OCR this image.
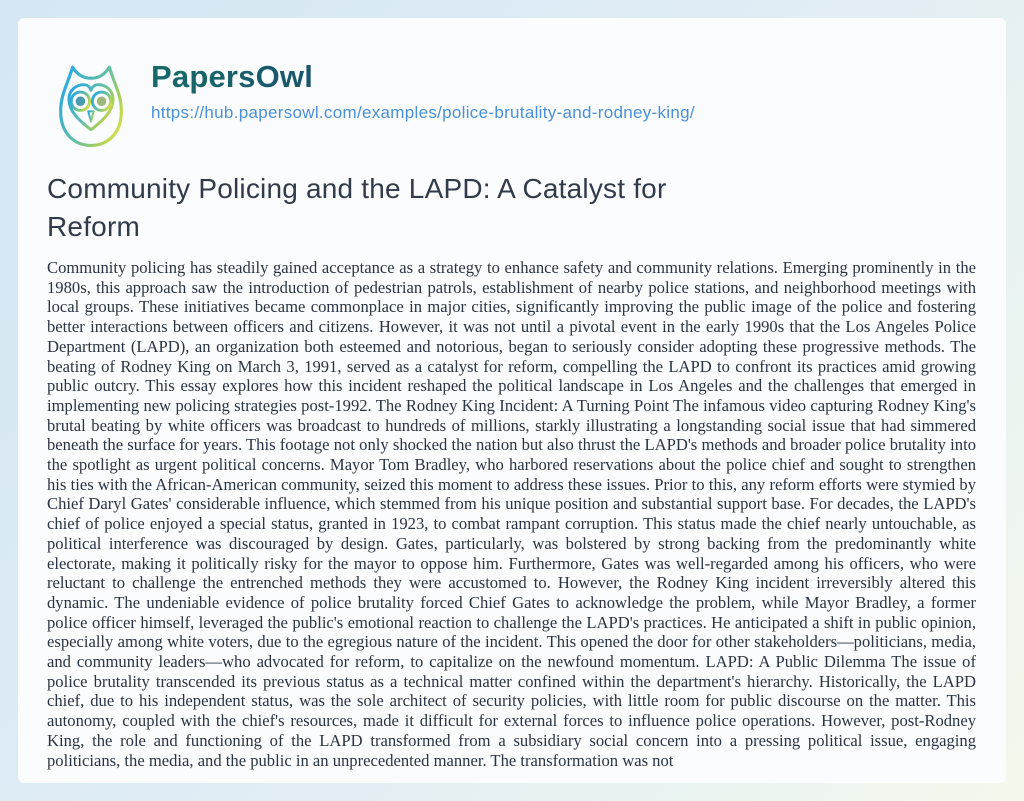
PapersOwl
https://hub.papersowl.com/examples/police-brutality-and-rodney-king/
Community Policing and the LAPD: A Catalyst for Reform

Community policing has steadily gained acceptance as a strategy to enhance safety and community relations. Emerging prominently in the 1980s, this approach saw the introduction of pedestrian patrols, establishment of nearby police stations, and neighborhood meetings with local groups. These initiatives became commonplace in major cities, significantly improving the public image of the police and fostering better interactions between officers and citizens. However, it was not until a pivotal event in the early 1990s that the Los Angeles Police Department (LAPD), an organization both esteemed and notorious, began to seriously consider adopting these progressive methods. The beating of Rodney King on March 3, 1991, served as a catalyst for reform, compelling the LAPD to confront its practices amid growing public outcry. This essay explores how this incident reshaped the political landscape in Los Angeles and the challenges that emerged in implementing new policing strategies post-1992. The Rodney King Incident: A Turning Point The infamous video capturing Rodney King's brutal beating by white officers was broadcast to hundreds of millions, starkly illustrating a longstanding social issue that had simmered beneath the surface for years. This footage not only shocked the nation but also thrust the LAPD's methods and broader police brutality into the spotlight as urgent political concerns. Mayor Tom Bradley, who harbored reservations about the police chief and sought to strengthen his ties with the African-American community, seized this moment to address these issues. Prior to this, any reform efforts were stymied by Chief Daryl Gates' considerable influence, which stemmed from his unique position and substantial support base. For decades, the LAPD's chief of police enjoyed a special status, granted in 1923, to combat rampant corruption. This status made the chief nearly untouchable, as political interference was discouraged by design. Gates, particularly, was bolstered by strong backing from the predominantly white electorate, making it politically risky for the mayor to oppose him. Furthermore, Gates was well-regarded among his officers, who were reluctant to challenge the entrenched methods they were accustomed to. However, the Rodney King incident irreversibly altered this dynamic. The undeniable evidence of police brutality forced Chief Gates to acknowledge the problem, while Mayor Bradley, a former police officer himself, leveraged the public's emotional reaction to challenge the LAPD's practices. He anticipated a shift in public opinion, especially among white voters, due to the egregious nature of the incident. This opened the door for other stakeholders—politicians, media, and community leaders—who advocated for reform, to capitalize on the newfound momentum. LAPD: A Public Dilemma The issue of police brutality transcended its previous status as a technical matter confined within the department's hierarchy. Historically, the LAPD chief, due to his independent status, was the sole architect of security policies, with little room for public discourse on the matter. This autonomy, coupled with the chief's resources, made it difficult for external forces to influence police operations. However, post-Rodney King, the role and functioning of the LAPD transformed from a subsidiary social concern into a pressing political issue, engaging politicians, the media, and the public in an unprecedented manner. The transformation was not
